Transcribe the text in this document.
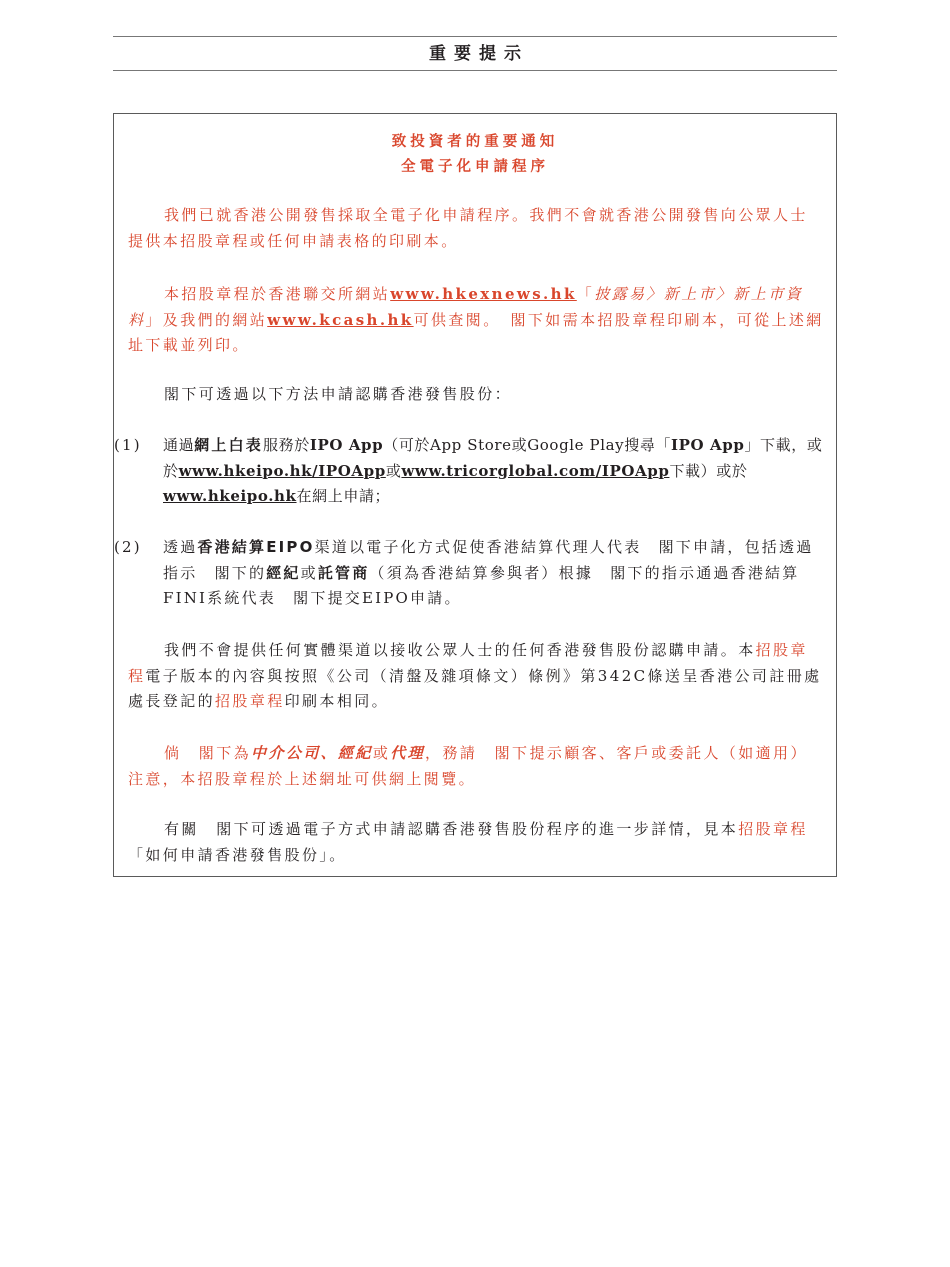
重要提示
致投資者的重要通知
全電子化申請程序
我們已就香港公開發售採取全電子化申請程序。我們不會就香港公開發售向公眾人士提供本招股章程或任何申請表格的印刷本。
本招股章程於香港聯交所網站www.hkexnews.hk「披露易〉新上市〉新上市資料」及我們的網站www.kcash.hk可供查閱。　閣下如需本招股章程印刷本，可從上述網址下載並列印。
閣下可透過以下方法申請認購香港發售股份：
(1)	通過網上白表服務於IPO App（可於App Store或Google Play搜尋「IPO App」下載，或於www.hkeipo.hk/IPOApp或www.tricorglobal.com/IPOApp下載）或於www.hkeipo.hk在網上申請；
(2)	透過香港結算EIPO渠道以電子化方式促使香港結算代理人代表　閣下申請，包括透過指示　閣下的經紀或託管商（須為香港結算參與者）根據　閣下的指示通過香港結算FINI系統代表　閣下提交EIPO申請。
我們不會提供任何實體渠道以接收公眾人士的任何香港發售股份認購申請。本招股章程電子版本的內容與按照《公司（清盤及雜項條文）條例》第342C條送呈香港公司註冊處處長登記的招股章程印刷本相同。
倘　閣下為中介公司、經紀或代理，務請　閣下提示顧客、客戶或委託人（如適用）注意，本招股章程於上述網址可供網上閱覽。
有關　閣下可透過電子方式申請認購香港發售股份程序的進一步詳情，見本招股章程「如何申請香港發售股份」。
